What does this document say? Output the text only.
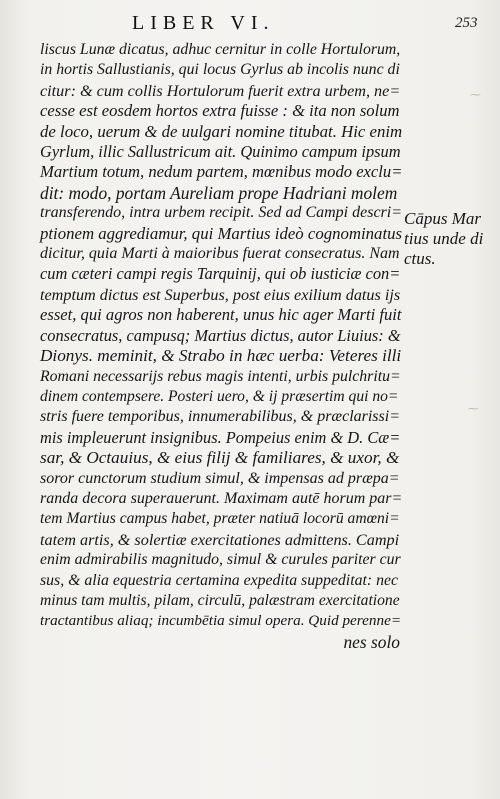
⁓
⁓
LIBER VI.	253
liscus Lunæ dicatus, adhuc cernitur in colle Hortulorum,
in hortis Sallustianis, qui locus Gyrlus ab incolis nunc di
citur: & cum collis Hortulorum fuerit extra urbem, ne=
cesse est eosdem hortos extra fuisse : & ita non solum
de loco, uerum & de uulgari nomine titubat. Hic enim
Gyrlum, illic Sallustricum ait. Quinimo campum ipsum
Martium totum, nedum partem, mœnibus modo exclu=
dit: modo, portam Aureliam prope Hadriani molem
transferendo, intra urbem recipit. Sed ad Campi descri=
ptionem aggrediamur, qui Martius ideò cognominatus
dicitur, quia Marti à maioribus fuerat consecratus. Nam
cum cæteri campi regis Tarquinij, qui ob iusticiæ con=
temptum dictus est Superbus, post eius exilium datus ijs
esset, qui agros non haberent, unus hic ager Marti fuit
consecratus, campusq; Martius dictus, autor Liuius: &
Dionys. meminit, & Strabo in hæc uerba: Veteres illi
Romani necessarijs rebus magis intenti, urbis pulchritu=
dinem contempsere. Posteri uero, & ij præsertim qui no=
stris fuere temporibus, innumerabilibus, & præclarissi=
mis impleuerunt insignibus. Pompeius enim & D. Cæ=
sar, & Octauius, & eius filij & familiares, & uxor, &
soror cunctorum studium simul, & impensas ad præpa=
randa decora superauerunt. Maximam autē horum par=
tem Martius campus habet, præter natiuā locorū amœni=
tatem artis, & solertiæ exercitationes admittens. Campi
enim admirabilis magnitudo, simul & curules pariter cur
sus, & alia equestria certamina expedita suppeditat: nec
minus tam multis, pilam, circulū, palæstram exercitatione
tractantibus aliaq; incumbētia simul opera. Quid perenne=
nes solo
Cāpus Mar
tius unde di
ctus.
